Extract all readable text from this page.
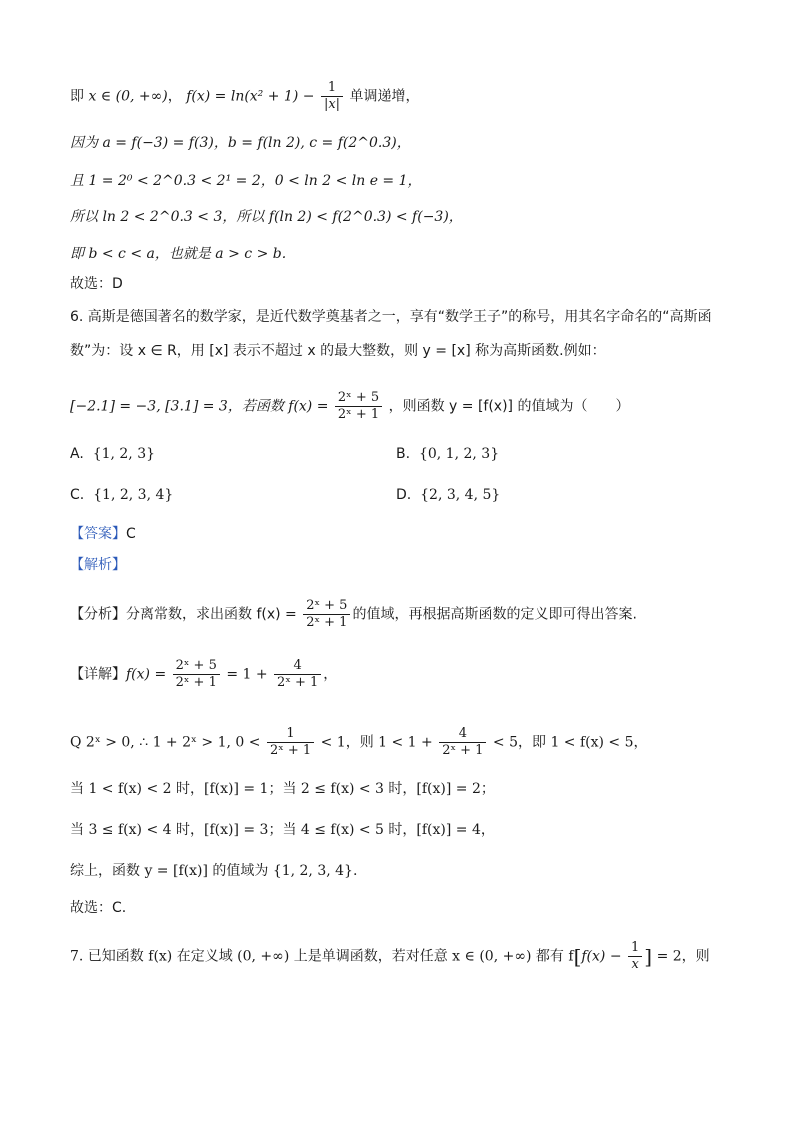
即 x ∈ (0, +∞)， $f(x) = \ln(x^2 + 1) - \frac{1}{|x|}$ 单调递增，
因为 a = f(−3) = f(3)，b = f(ln 2), c = f(2^0.3)，
且 1 = 2⁰ < 2^0.3 < 2¹ = 2，0 < ln 2 < ln e = 1，
所以 ln 2 < 2^0.3 < 3，所以 f(ln 2) < f(2^0.3) < f(−3)，
即 b < c < a，也就是 a > c > b.
故选：D
6. 高斯是德国著名的数学家，是近代数学奠基者之一，享有“数学王子”的称号，用其名字命名的“高斯函
数”为：设 x ∈ R，用 [x] 表示不超过 x 的最大整数，则 y = [x] 称为高斯函数.例如：
[−2.1] = −3, [3.1] = 3，若函数 $f(x) = \frac{\text{2ˣ + 5}}{\text{2ˣ + 1}}$ ，则函数 y = [f(x)] 的值域为（　　）
A. {1, 2, 3}	B. {0, 1, 2, 3}
C. {1, 2, 3, 4}	D. {2, 3, 4, 5}
【答案】C
【解析】
【分析】分离常数，求出函数 $f(x) = \frac{\text{2ˣ + 5}}{\text{2ˣ + 1}}$ 的值域，再根据高斯函数的定义即可得出答案.
【详解】$f(x) = \frac{\text{2ˣ + 5}}{\text{2ˣ + 1}} = 1 + \frac{4}{\text{2ˣ + 1}}$ ，
Q 2ˣ > 0, ∴ 1 + 2ˣ > 1, $0 < \frac{1}{\text{2ˣ + 1}} < 1$，则 $1 < 1 + \frac{4}{\text{2ˣ + 1}} < 5$，即 1 < f(x) < 5，
当 1 < f(x) < 2 时，[f(x)] = 1；当 2 ≤ f(x) < 3 时，[f(x)] = 2；
当 3 ≤ f(x) < 4 时，[f(x)] = 3；当 4 ≤ f(x) < 5 时，[f(x)] = 4，
综上，函数 y = [f(x)] 的值域为 {1, 2, 3, 4}.
故选：C.
7. 已知函数 f(x) 在定义域 (0, +∞) 上是单调函数，若对任意 x ∈ (0, +∞) 都有 $f[f(x) - \frac{1}{x}$ ] = 2，则
